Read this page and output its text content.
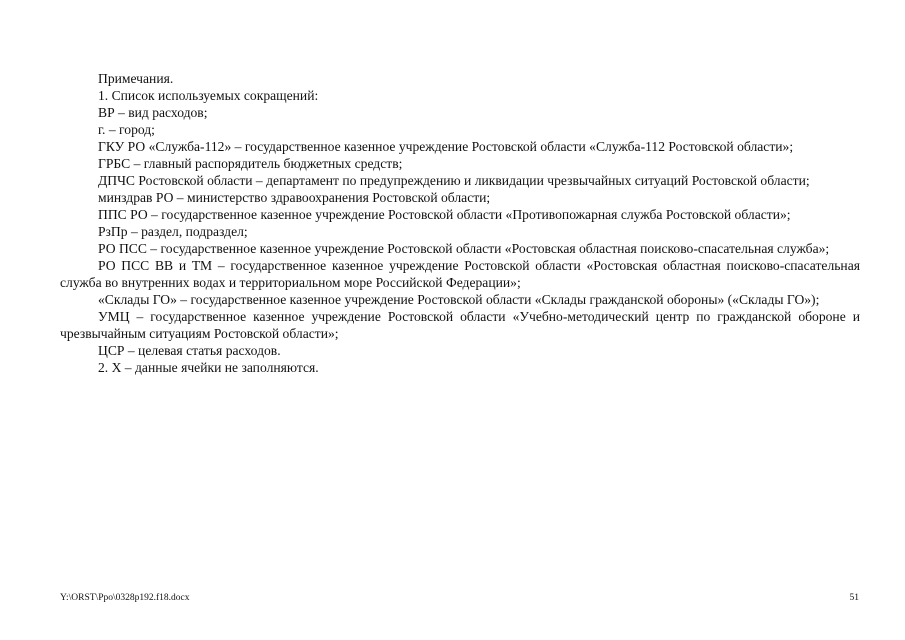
Примечания.

1. Список используемых сокращений:

ВР – вид расходов;

г. – город;

ГКУ РО «Служба-112» – государственное казенное учреждение Ростовской области «Служба-112 Ростовской области»;

ГРБС – главный распорядитель бюджетных средств;

ДПЧС Ростовской области – департамент по предупреждению и ликвидации чрезвычайных ситуаций Ростовской области;

минздрав РО – министерство здравоохранения Ростовской области;

ППС РО – государственное казенное учреждение Ростовской области «Противопожарная служба Ростовской области»;

РзПр – раздел, подраздел;

РО ПСС – государственное казенное учреждение Ростовской области «Ростовская областная поисково-спасательная служба»;

РО ПСС ВВ и ТМ – государственное казенное учреждение Ростовской области «Ростовская областная поисково-спасательная служба во внутренних водах и территориальном море Российской Федерации»;

«Склады ГО» – государственное казенное учреждение Ростовской области «Склады гражданской обороны» («Склады ГО»);

УМЦ – государственное казенное учреждение Ростовской области «Учебно-методический центр по гражданской обороне и чрезвычайным ситуациям Ростовской области»;

ЦСР – целевая статья расходов.

2. Х – данные ячейки не заполняются.

Y:\ORST\Ppo\0328p192.f18.docx	51
